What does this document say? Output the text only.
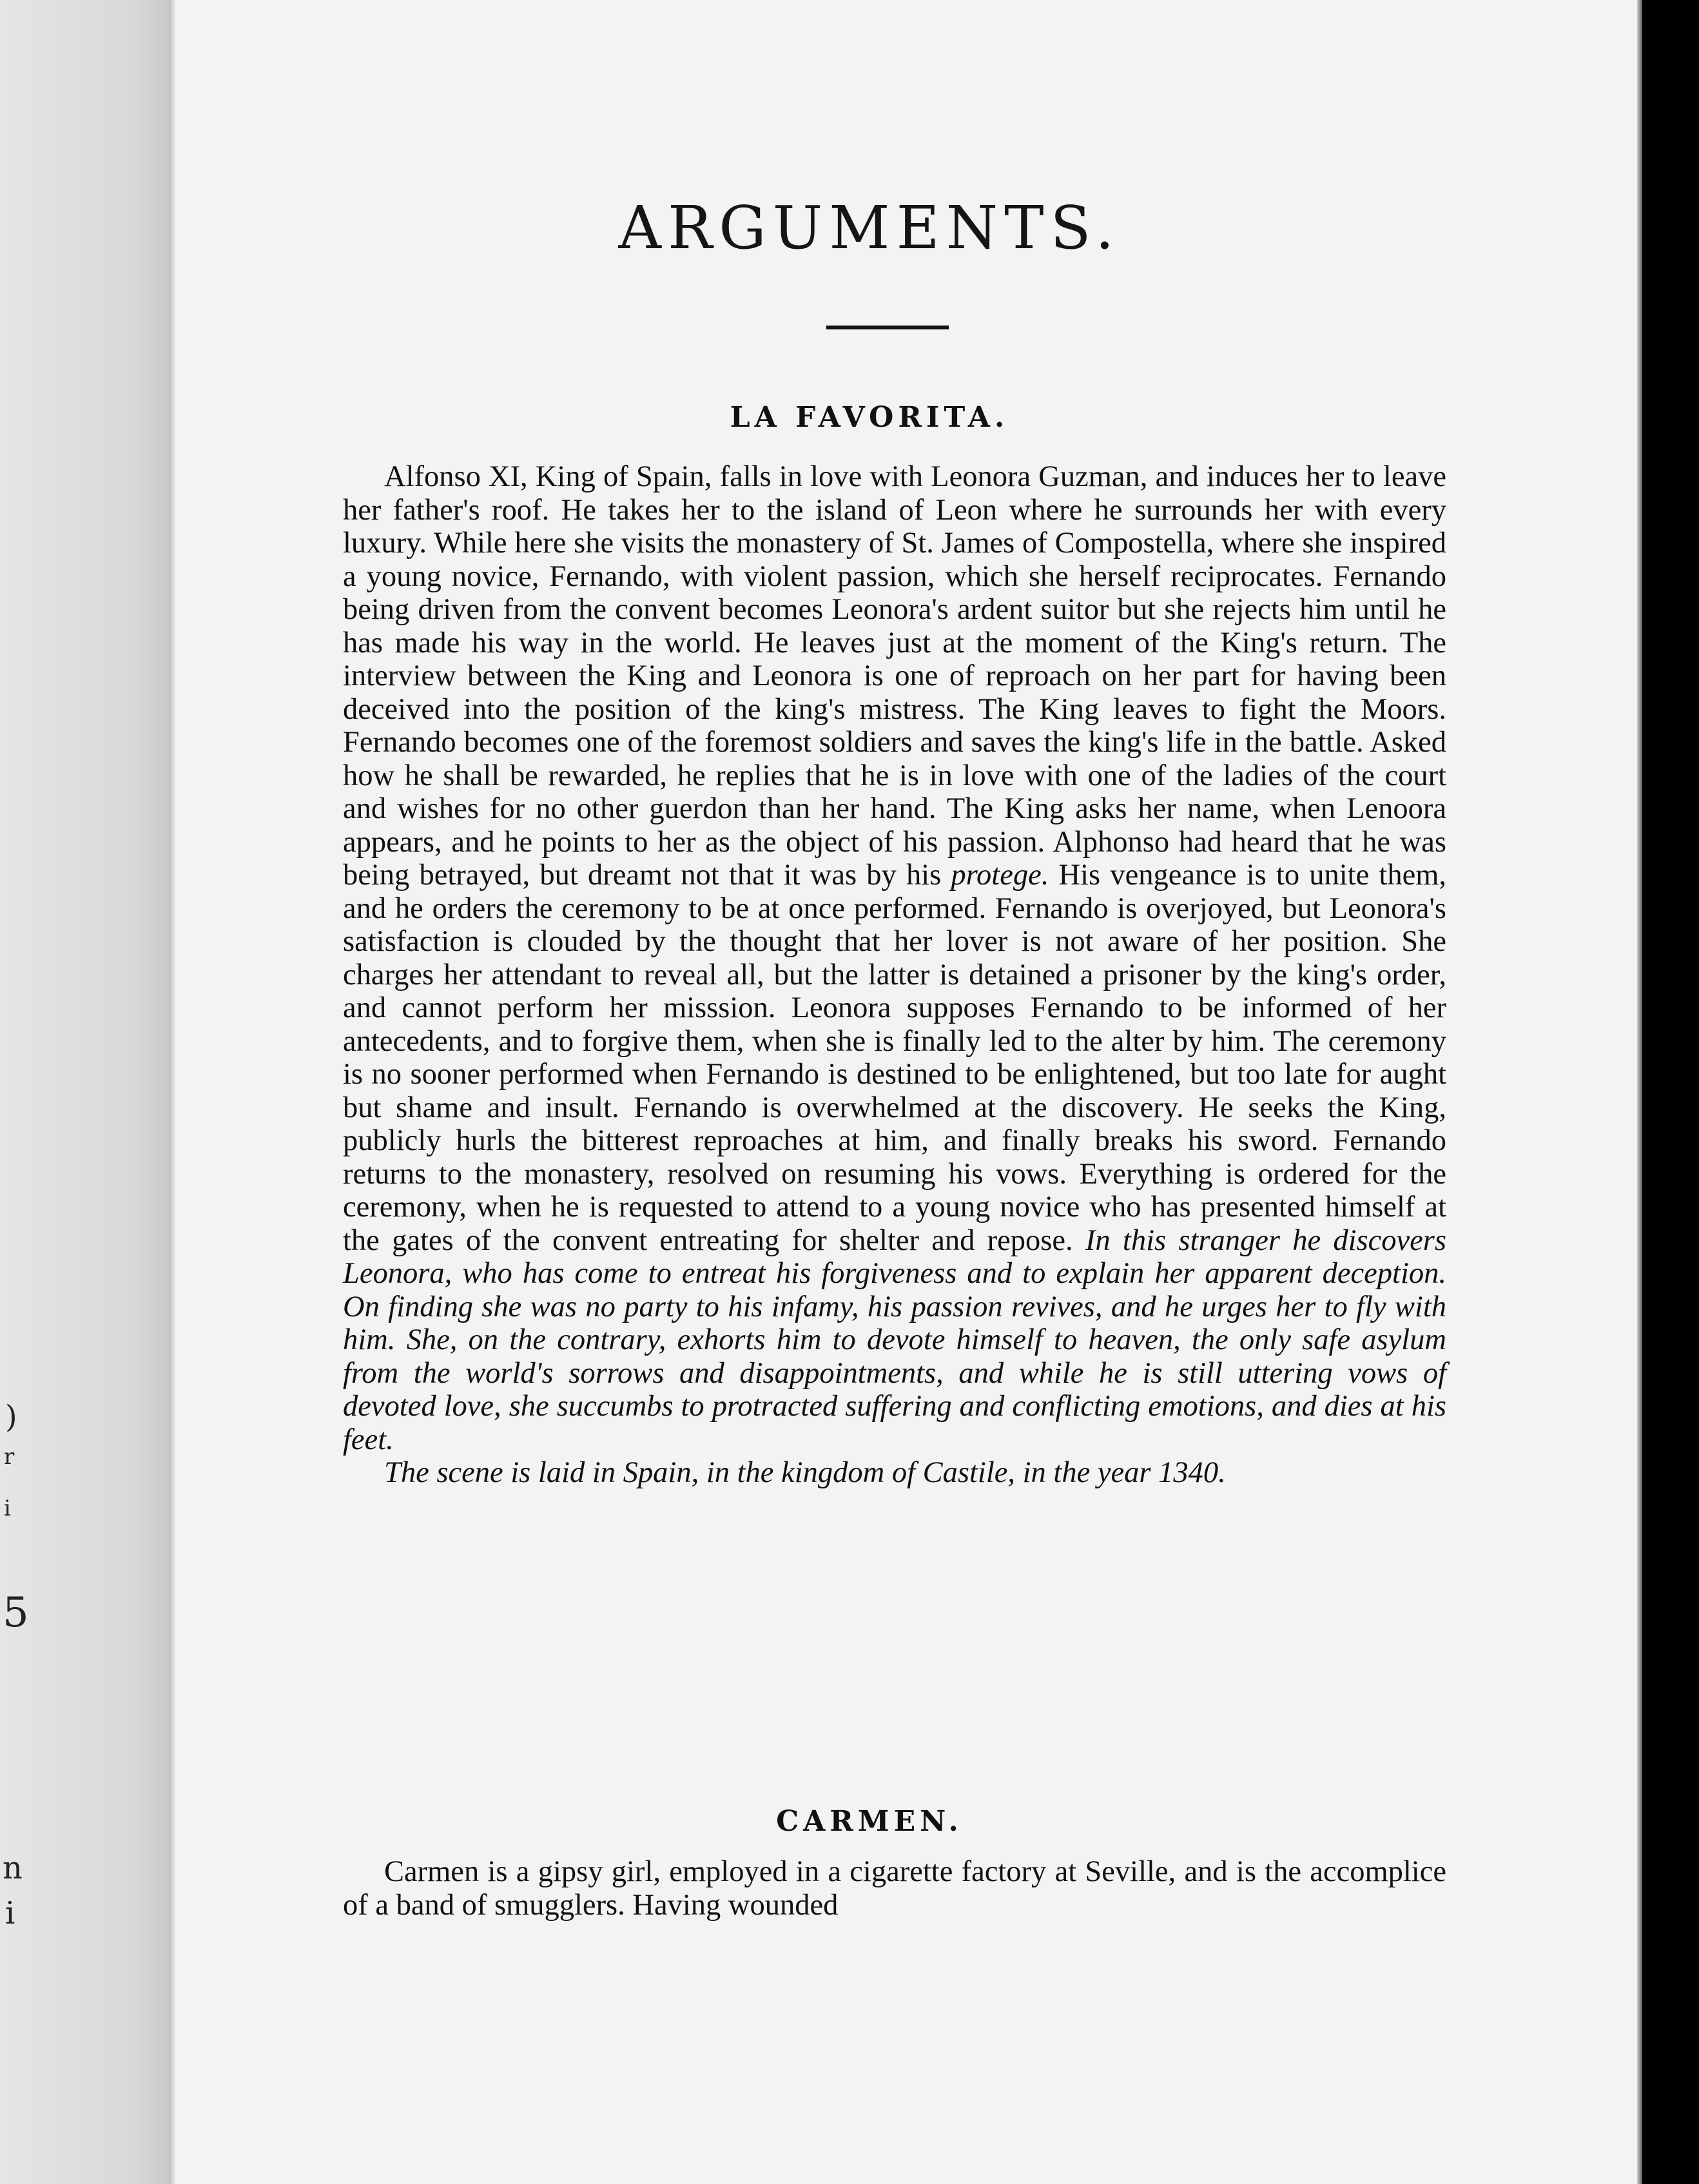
)
r
i
5
n
i
ARGUMENTS.
LA FAVORITA.

Alfonso XI, King of Spain, falls in love with Leonora Guzman, and induces her to leave her father's roof. He takes her to the island of Leon where he surrounds her with every luxury. While here she visits the monastery of St. James of Compostella, where she inspired a young novice, Fernando, with violent passion, which she herself reciprocates. Fernando being driven from the convent becomes Leonora's ardent suitor but she rejects him until he has made his way in the world. He leaves just at the moment of the King's return. The interview between the King and Leonora is one of reproach on her part for having been deceived into the position of the king's mistress. The King leaves to fight the Moors. Fernando becomes one of the foremost soldiers and saves the king's life in the battle. Asked how he shall be rewarded, he replies that he is in love with one of the ladies of the court and wishes for no other guerdon than her hand. The King asks her name, when Lenoora appears, and he points to her as the object of his passion. Alphonso had heard that he was being betrayed, but dreamt not that it was by his protege. His vengeance is to unite them, and he orders the ceremony to be at once performed. Fernando is overjoyed, but Leonora's satisfaction is clouded by the thought that her lover is not aware of her position. She charges her attendant to reveal all, but the latter is detained a prisoner by the king's order, and cannot perform her misssion. Leonora supposes Fernando to be informed of her antecedents, and to forgive them, when she is finally led to the alter by him. The ceremony is no sooner performed when Fernando is destined to be enlightened, but too late for aught but shame and insult. Fernando is overwhelmed at the discovery. He seeks the King, publicly hurls the bitterest reproaches at him, and finally breaks his sword. Fernando returns to the monastery, resolved on resuming his vows. Everything is ordered for the ceremony, when he is requested to attend to a young novice who has presented himself at the gates of the convent entreating for shelter and repose. In this stranger he discovers Leonora, who has come to entreat his forgiveness and to explain her apparent deception. On finding she was no party to his infamy, his passion revives, and he urges her to fly with him. She, on the contrary, exhorts him to devote himself to heaven, the only safe asylum from the world's sorrows and disappointments, and while he is still uttering vows of devoted love, she succumbs to protracted suffering and conflicting emotions, and dies at his feet.

The scene is laid in Spain, in the kingdom of Castile, in the year 1340.

CARMEN.

Carmen is a gipsy girl, employed in a cigarette factory at Seville, and is the accomplice of a band of smugglers. Having wounded
